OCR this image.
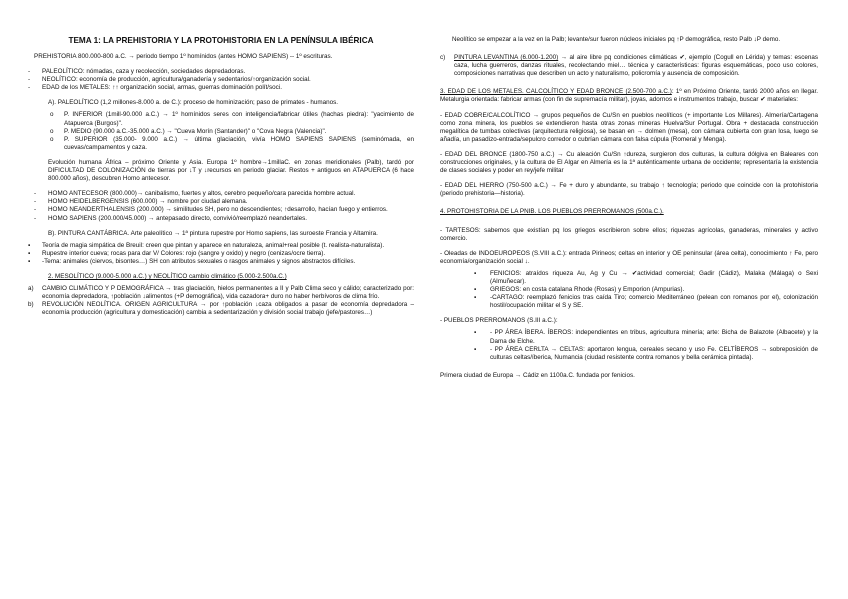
TEMA 1: LA PREHISTORIA Y LA PROTOHISTORIA EN LA PENÍNSULA IBÉRICA

PREHISTORIA 800.000-800 a.C. → periodo tiempo 1º homínidos (antes HOMO SAPIENS) -- 1º escrituras.

- PALEOLÍTICO: nómadas, caza y recolección, sociedades depredadoras.

- NEOLÍTICO: economía de producción, agricultura/ganadería y sedentarios/↑organización social.

- EDAD de los METALES: ↑↑ organización social, armas, guerras dominación polít/soci.

A). PALEOLÍTICO (1,2 millones-8.000 a. de C.): proceso de hominización; paso de primates - humanos.

o P. INFERIOR (1mill-90.000 a.C.) → 1º homínidos seres con inteligencia/fabricar útiles (hachas piedra): "yacimiento de Atapuerca (Burgos)".

o P. MEDIO (90.000 a.C.-35.000 a.C.) → "Cueva Morín (Santander)" o "Cova Negra (Valencia)".

o P. SUPERIOR (35.000- 9.000 a.C.) → última glaciación, vivía HOMO SAPIENS SAPIENS (seminómada, en cuevas/campamentos y caza.

Evolución humana África – próximo Oriente y Asia. Europa 1º hombre→1millaC. en zonas meridionales (Palb), tardó por DIFICULTAD DE COLONIZACIÓN de tierras por ↓T y ↓recursos en periodo glaciar. Restos + antiguos en ATAPUERCA (6 hace 800.000 años), descubren Homo antecesor.

- HOMO ANTECESOR (800.000)→ canibalismo, fuertes y altos, cerebro pequeño/cara parecida hombre actual.

- HOMO HEIDELBERGENSIS (600.000) → nombre por ciudad alemana.

- HOMO NEANDERTHALENSIS (200.000) → similitudes SH, pero no descendientes; ↑desarrollo, hacían fuego y entierros.

- HOMO SAPIENS (200.000/45.000) → antepasado directo, convivió/reemplazó neandertales.

B). PINTURA CANTÁBRICA. Arte paleolítico → 1ª pintura rupestre por Homo sapiens, las suroeste Francia y Altamira.

▪ Teoría de magia simpática de Breuil: creen que pintan y aparece en naturaleza, animal+real posible (t. realista-naturalista).

▪ Rupestre interior cueva; rocas para dar V/ Colores: rojo (sangre y oxido) y negro (cenizas/ocre tierra).

▪ -Tema: animales (ciervos, bisontes…) SH con atributos sexuales o rasgos animales y signos abstractos difíciles.

2. MESOLÍTICO (9.000-5.000 a.C.) y NEOLÍTICO cambio climático (5.000-2.500a.C.)

a) CAMBIO CLIMÁTICO Y P DEMOGRÁFICA → tras glaciación, hielos permanentes a II y Palb Clima seco y cálido; caracterizado por: economía depredadora, ↑población ↓alimentos (+P demográfica), vida cazadora+ duro no haber herbívoros de clima frío.

b) REVOLUCIÓN NEOLÍTICA. ORIGEN AGRICULTURA → por ↑población ↓caza obligados a pasar de economía depredadora – economía producción (agricultura y domesticación) cambia a sedentarización y división social trabajo (jefe/pastores…)

Neolítico se empezar a la vez en la Palb; levante/sur fueron núcleos iniciales pq ↑P demográfica, resto Palb ↓P demo.

c) PINTURA LEVANTINA (6.000-1.200) → al aire libre pq condiciones climáticas ✔, ejemplo (Cogull en Lérida) y temas: escenas caza, lucha guerreros, danzas rituales, recolectando miel… técnica y características: figuras esquemáticas, poco uso colores, composiciones narrativas que describen un acto y naturalismo, policromía y ausencia de composición.

3. EDAD DE LOS METALES. CALCOLÍTICO Y EDAD BRONCE (2.500-700 a.C.): 1º en Próximo Oriente, tardó 2000 años en llegar. Metalurgia orientada: fabricar armas (con fin de supremacía militar), joyas, adornos e instrumentos trabajo, buscar ✔ materiales:

- EDAD COBRE/CALCOLÍTICO → grupos pequeños de Cu/Sn en pueblos neolíticos (+ importante Los Millares). Almería/Cartagena como zona minera, los pueblos se extendieron hasta otras zonas mineras Huelva/Sur Portugal. Obra + destacada construcción megalítica de tumbas colectivas (arquitectura religiosa), se basan en → dolmen (mesa), con cámara cubierta con gran losa, luego se añadía, un pasadizo-entrada/sepulcro corredor o cubrían cámara con falsa cúpula (Romeral y Menga).

- EDAD DEL BRONCE (1800-750 a.C.) → Cu aleación Cu/Sn ↑dureza, surgieron dos culturas, la cultura dólgiva en Baleares con construcciones originales, y la cultura de El Algar en Almería es la 1ª auténticamente urbana de occidente; representaría la existencia de clases sociales y poder en rey/jefe militar

- EDAD DEL HIERRO (750-500 a.C.) → Fe + duro y abundante, su trabajo ↑ tecnología; periodo que coincide con la protohistoria (periodo prehistoria—historia).

4. PROTOHISTORIA DE LA PNIB. LOS PUEBLOS PRERROMANOS (500a.C.).

- TARTESOS: sabemos que existían pq los griegos escribieron sobre ellos; riquezas agrícolas, ganaderas, minerales y activo comercio.

- Oleadas de INDOEUROPEOS (S.VIII a.C.): entrada Pirineos; celtas en interior y OE peninsular (área celta), conocimiento ↑ Fe, pero economía/organización social ↓.

▪ FENICIOS: atraídos riqueza Au, Ag y Cu → ✔actividad comercial; Gadir (Cádiz), Malaka (Málaga) o Sexi (Almuñecar).

▪ GRIEGOS: en costa catalana Rhode (Rosas) y Emporion (Ampurias).

▪ -CARTAGO: reemplazó fenicios tras caída Tiro; comercio Mediterráneo (pelean con romanos por el), colonización hostil/ocupación militar el S y SE.

- PUEBLOS PRERROMANOS (S.III a.C.):

▪ - PP ÁREA ÍBERA. ÍBEROS: independientes en tribus, agricultura minería; arte: Bicha de Balazote (Albacete) y la Dama de Elche.

▪ - PP ÁREA CERLTA → CELTAS: aportaron lengua, cereales secano y uso Fe. CELTÍBEROS → sobreposición de culturas celtas/íberica, Numancia (ciudad resistente contra romanos y bella cerámica pintada).

Primera ciudad de Europa → Cádiz en 1100a.C. fundada por fenicios.
